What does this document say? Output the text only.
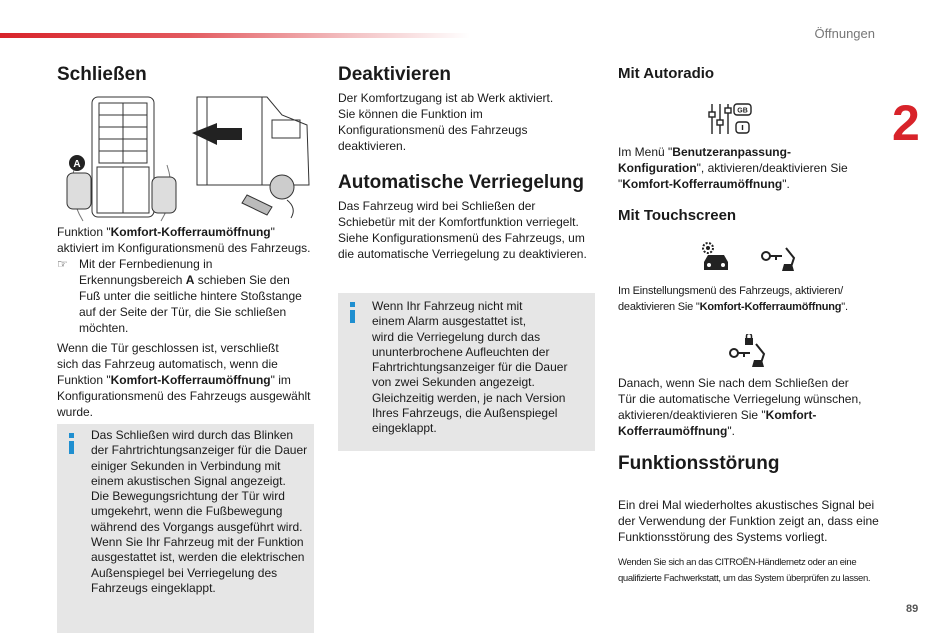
Öffnungen
2
89
Schließen
A

Funktion "Komfort-Kofferraumöffnung" aktiviert im Konfigurationsmenü des Fahrzeugs.

☞ Mit der Fernbedienung in
Erkennungsbereich A schieben Sie den
Fuß unter die seitliche hintere Stoßstange
auf der Seite der Tür, die Sie schließen
möchten.
Wenn die Tür geschlossen ist, verschließt
sich das Fahrzeug automatisch, wenn die
Funktion "Komfort-Kofferraumöffnung" im
Konfigurationsmenü des Fahrzeugs ausgewählt
wurde.
Das Schließen wird durch das Blinken
der Fahrtrichtungsanzeiger für die Dauer
einiger Sekunden in Verbindung mit
einem akustischen Signal angezeigt.
Die Bewegungsrichtung der Tür wird
umgekehrt, wenn die Fußbewegung
während des Vorgangs ausgeführt wird.
Wenn Sie Ihr Fahrzeug mit der Funktion
ausgestattet ist, werden die elektrischen
Außenspiegel bei Verriegelung des
Fahrzeugs eingeklappt.
Deaktivieren
Der Komfortzugang ist ab Werk aktiviert.
Sie können die Funktion im
Konfigurationsmenü des Fahrzeugs
deaktivieren.
Automatische Verriegelung
Das Fahrzeug wird bei Schließen der
Schiebetür mit der Komfortfunktion verriegelt.
Siehe Konfigurationsmenü des Fahrzeugs, um
die automatische Verriegelung zu deaktivieren.
Wenn Ihr Fahrzeug nicht mit
einem Alarm ausgestattet ist,
wird die Verriegelung durch das
ununterbrochene Aufleuchten der
Fahrtrichtungsanzeiger für die Dauer
von zwei Sekunden angezeigt.
Gleichzeitig werden, je nach Version
Ihres Fahrzeugs, die Außenspiegel
eingeklappt.
Mit Autoradio
GB
Im Menü "Benutzeranpassung-
Konfiguration", aktivieren/deaktivieren Sie
"Komfort-Kofferraumöffnung".
Mit Touchscreen
Im Einstellungsmenü des Fahrzeugs, aktivieren/
deaktivieren Sie "Komfort-Kofferraumöffnung".
Danach, wenn Sie nach dem Schließen der
Tür die automatische Verriegelung wünschen,
aktivieren/deaktivieren Sie "Komfort-
Kofferraumöffnung".
Funktionsstörung
Ein drei Mal wiederholtes akustisches Signal bei
der Verwendung der Funktion zeigt an, dass eine
Funktionsstörung des Systems vorliegt.
Wenden Sie sich an das CITROËN-Händlernetz oder an eine
qualifizierte Fachwerkstatt, um das System überprüfen zu lassen.
